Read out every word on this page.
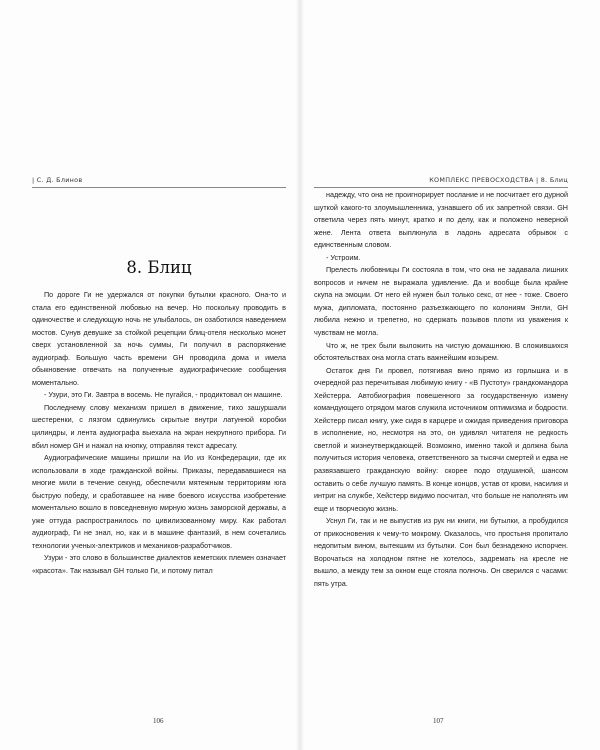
| С. Д. Блинов
8. Блиц

По дороге Ги не удержался от покупки бутылки красного. Она-то и стала его единственной любовью на вечер. Но поскольку проводить в одиночестве и следующую ночь не улыбалось, он озаботился наведением мостов. Сунув девушке за стойкой рецепции блиц-отеля несколько монет сверх установленной за ночь суммы, Ги получил в распоряжение аудиограф. Большую часть времени GH проводила дома и имела обыкновение отвечать на полученные аудиографические сообщения моментально.

- Узури, это Ги. Завтра в восемь. Не пугайся, - продиктовал он машине.

Последнему слову механизм пришел в движение, тихо зашуршали шестеренки, с лязгом сдвинулись скрытые внутри латунной коробки цилиндры, и лента аудиографа выехала на экран некрупного прибора. Ги вбил номер GH и нажал на кнопку, отправляя текст адресату.

Аудиографические машины пришли на Ио из Конфедерации, где их использовали в ходе гражданской войны. Приказы, передававшиеся на многие мили в течение секунд, обеспечили мятежным территориям юга быструю победу, и сработавшее на ниве боевого искусства изобретение моментально вошло в повседневную мирную жизнь заморской державы, а уже оттуда распространилось по цивилизованному миру. Как работал аудиограф, Ги не знал, но, как и в машине фантазий, в нем сочетались технологии ученых-электриков и механиков-разработчиков.

Узури - это слово в большинстве диалектов кеметских племен означает «красота». Так называл GH только Ги, и потому питал

106
КОМПЛЕКС ПРЕВОСХОДСТВА | 8. Блиц

надежду, что она не проигнорирует послание и не посчитает его дурной шуткой какого-то злоумышленника, узнавшего об их запретной связи. GH ответила через пять минут, кратко и по делу, как и положено неверной жене. Лента ответа выплюнула в ладонь адресата обрывок с единственным словом.

- Устроим.

Прелесть любовницы Ги состояла в том, что она не задавала лишних вопросов и ничем не выражала удивление. Да и вообще была крайне скупа на эмоции. От него ей нужен был только секс, от нее - тоже. Своего мужа, дипломата, постоянно разъезжающего по колониям Энгли, GH любила нежно и трепетно, но сдержать позывов плоти из уважения к чувствам не могла.

Что ж, не трех были выложить на чистую домашнюю. В сложившихся обстоятельствах она могла стать важнейшим козырем.

Остаток дня Ги провел, потягивая вино прямо из горлышка и в очередной раз перечитывая любимую книгу - «В Пустоту» грандкомандора Хейстерра. Автобиография повешенного за государственную измену командующего отрядом магов служила источником оптимизма и бодрости. Хейстерр писал книгу, уже сидя в карцере и ожидая приведения приговора в исполнение, но, несмотря на это, он удивлял читателя не редкость светлой и жизнеутверждающей. Возможно, именно такой и должна была получиться история человека, ответственного за тысячи смертей и едва не развязавшего гражданскую войну: скорее подо отдушиной, шансом оставить о себе лучшую память. В конце концов, устав от крови, насилия и интриг на службе, Хейстерр видимо посчитал, что больше не наполнять им еще и творческую жизнь.

Уснул Ги, так и не выпустив из рук ни книги, ни бутылки, а пробудился от прикосновения к чему-то мокрому. Оказалось, что простыня пропитало недопитым вином, вытекшим из бутылки. Сон был безнадежно испорчен. Ворочаться на холодном пятне не хотелось, задремать на кресле не вышло, а между тем за окном еще стояла полночь. Он сверился с часами: пять утра.

107
